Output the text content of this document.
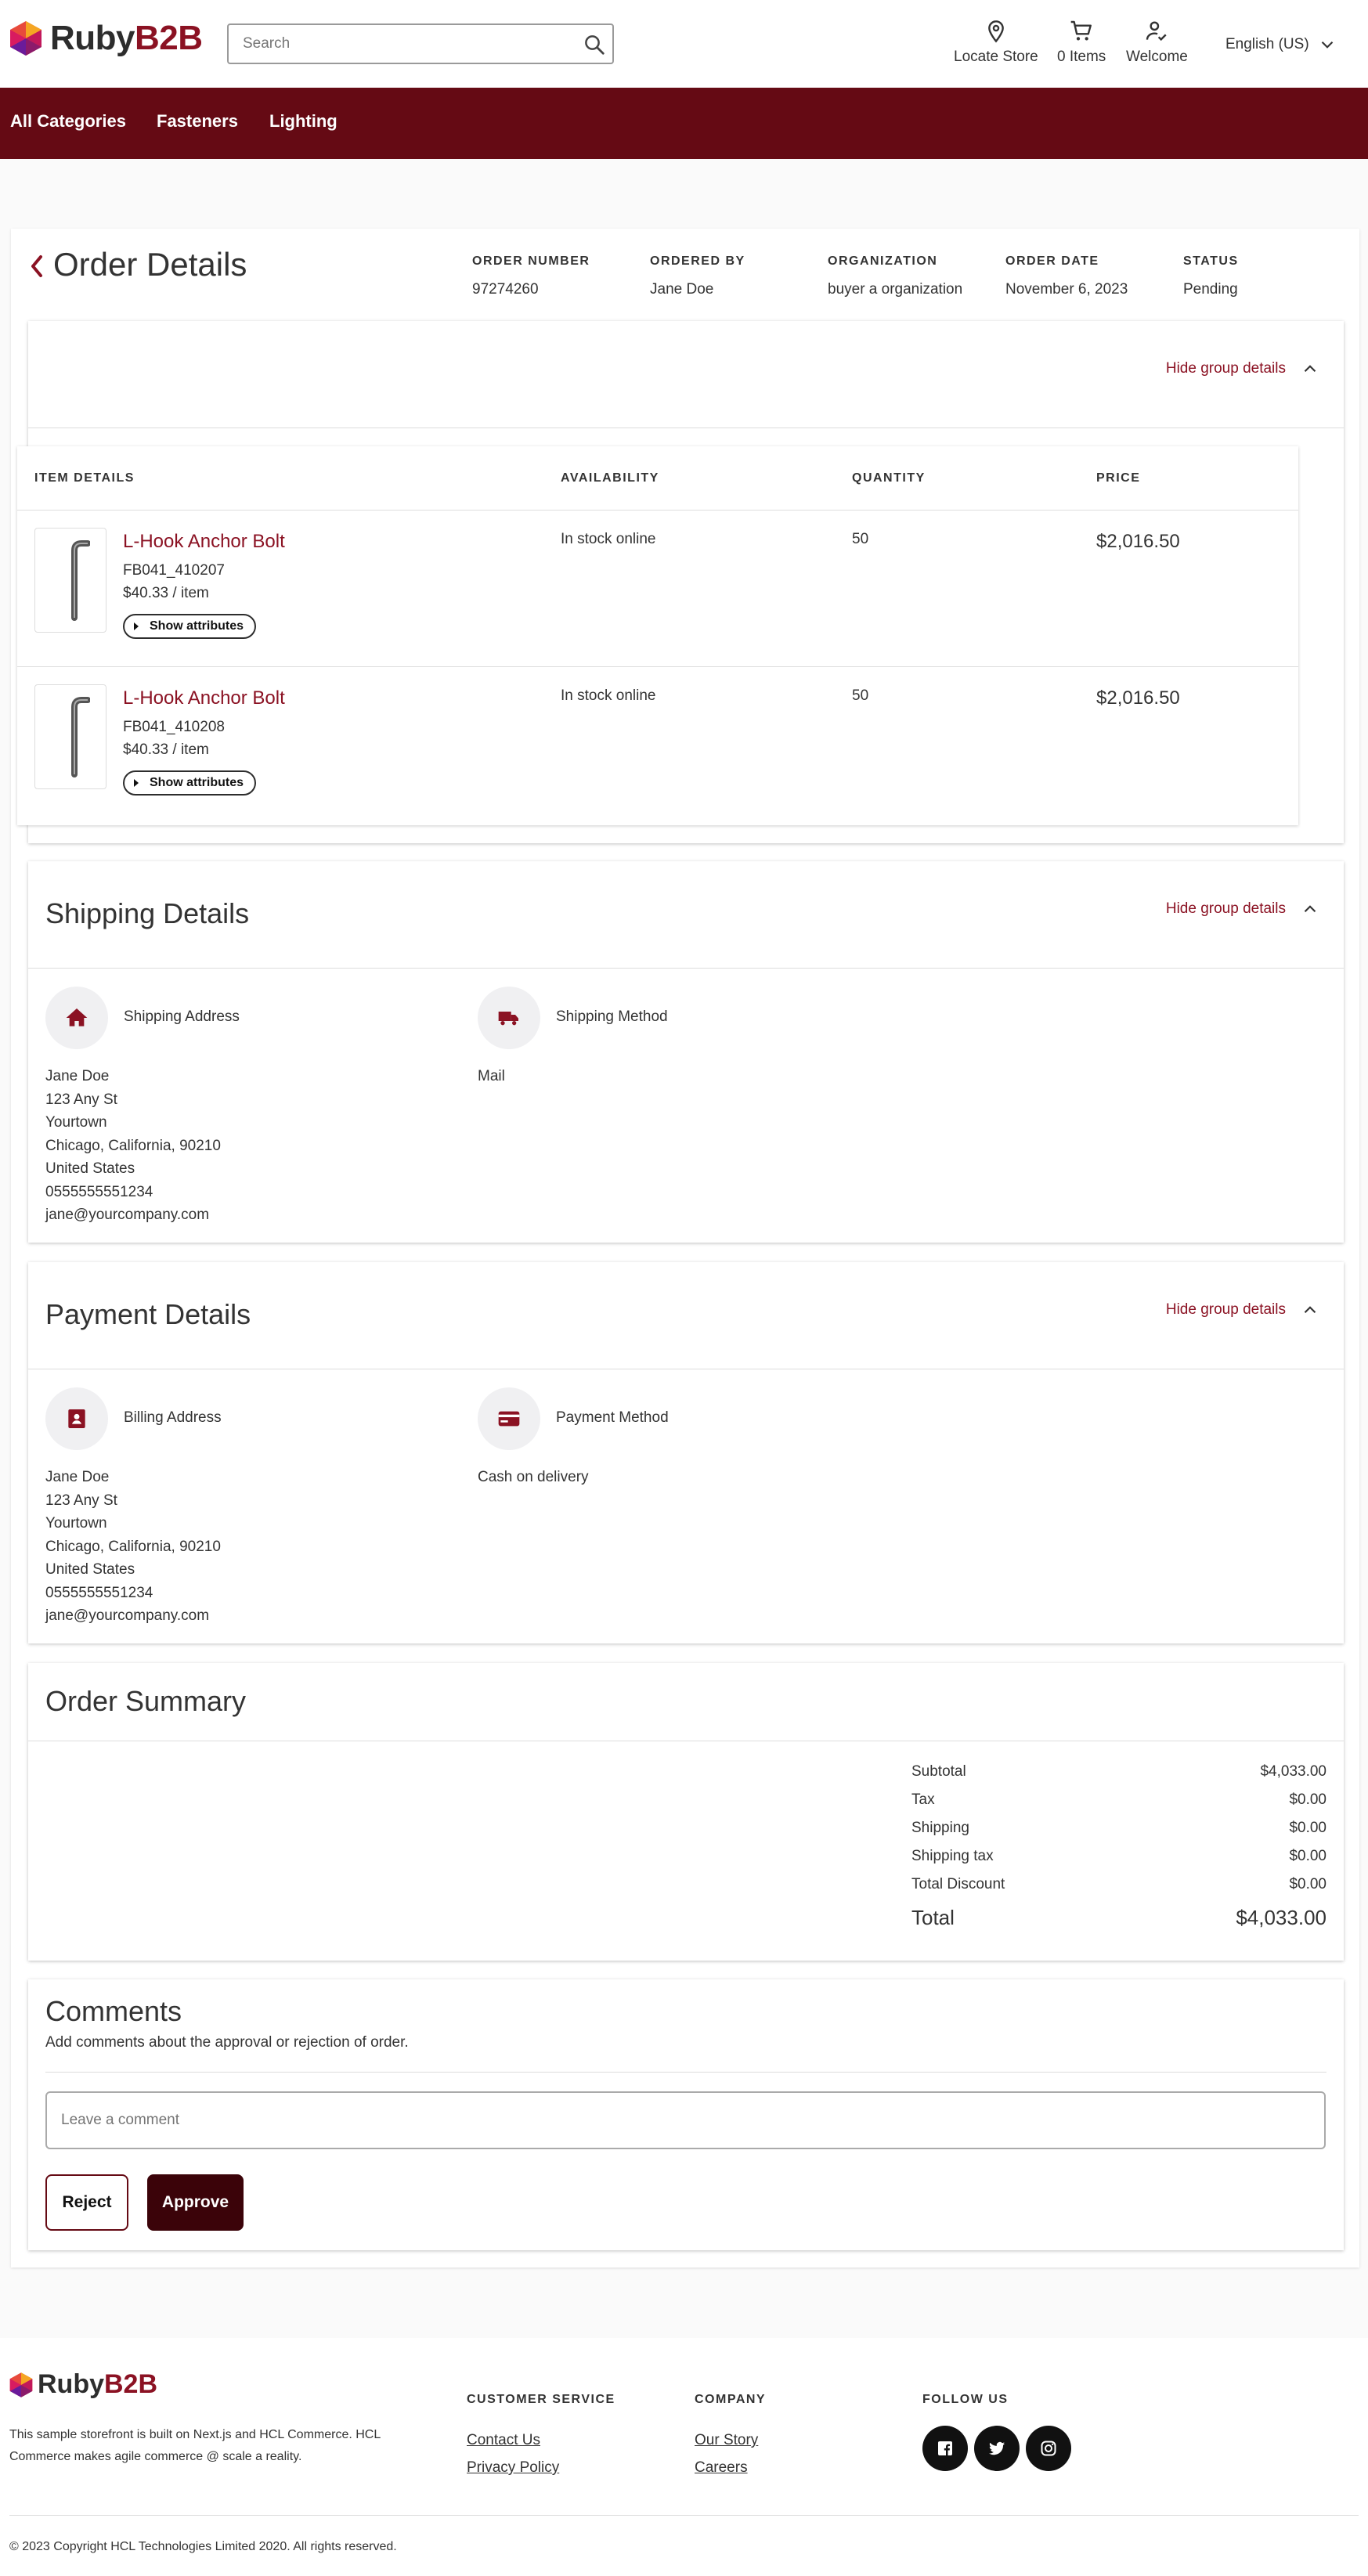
RubyB2B
Search	Locate Store 0 Items Welcome
English (US)
All Categories Fasteners Lighting
Order Details	ORDER NUMBER
97274260
ORDERED BY
Jane Doe
ORGANIZATION
buyer a organization
ORDER DATE
November 6, 2023
STATUS
Pending
Hide group details
ITEM DETAILS	AVAILABILITY	QUANTITY	PRICE
L-Hook Anchor Bolt
FB041_410207
$40.33 / item
Show attributes
In stock online	50	$2,016.50
L-Hook Anchor Bolt
FB041_410208
$40.33 / item
Show attributes
In stock online	50	$2,016.50
Shipping Details	Hide group details
Shipping Address
Jane Doe
123 Any St
Yourtown
Chicago, California, 90210
United States
0555555551234
jane@yourcompany.com
Shipping Method
Mail
Payment Details	Hide group details
Billing Address
Jane Doe
123 Any St
Yourtown
Chicago, California, 90210
United States
0555555551234
jane@yourcompany.com
Payment Method
Cash on delivery
Order Summary
Subtotal	$4,033.00
Tax	$0.00
Shipping	$0.00
Shipping tax	$0.00
Total Discount	$0.00
Total	$4,033.00
Comments
Add comments about the approval or rejection of order.
Leave a comment
Reject	Approve
RubyB2B
This sample storefront is built on Next.js and HCL Commerce. HCL Commerce makes agile commerce @ scale a reality.
CUSTOMER SERVICE
Contact Us
Privacy Policy
COMPANY
Our Story
Careers
FOLLOW US
© 2023 Copyright HCL Technologies Limited 2020. All rights reserved.
